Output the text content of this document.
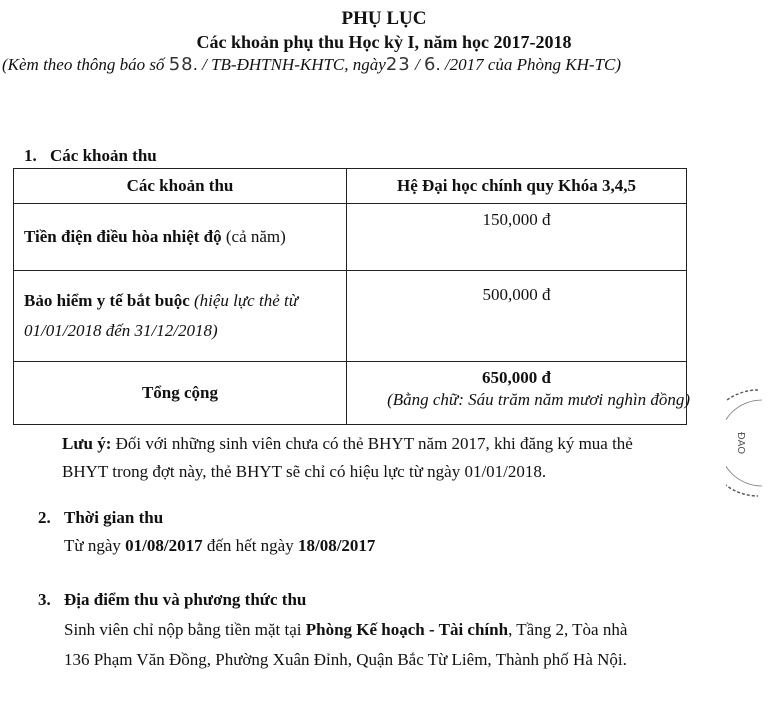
PHỤ LỤC
Các khoản phụ thu Học kỳ I, năm học 2017-2018
(Kèm theo thông báo số 58. / TB-ĐHTNH-KHTC, ngày23 / 6. /2017 của Phòng KH-TC)
1. Các khoản thu
Các khoản thu	Hệ Đại học chính quy Khóa 3,4,5
Tiền điện điều hòa nhiệt độ (cả năm)	150,000 đ
Bảo hiểm y tế bắt buộc (hiệu lực thẻ từ 01/01/2018 đến 31/12/2018)	500,000 đ
Tổng cộng	650,000 đ
(Bằng chữ: Sáu trăm năm mươi nghìn đồng)
Lưu ý: Đối với những sinh viên chưa có thẻ BHYT năm 2017, khi đăng ký mua thẻ
BHYT trong đợt này, thẻ BHYT sẽ chỉ có hiệu lực từ ngày 01/01/2018.
2. Thời gian thu
Từ ngày 01/08/2017 đến hết ngày 18/08/2017
3. Địa điểm thu và phương thức thu
Sinh viên chỉ nộp bằng tiền mặt tại Phòng Kế hoạch - Tài chính, Tầng 2, Tòa nhà
136 Phạm Văn Đồng, Phường Xuân Đỉnh, Quận Bắc Từ Liêm, Thành phố Hà Nội.
ĐAO
